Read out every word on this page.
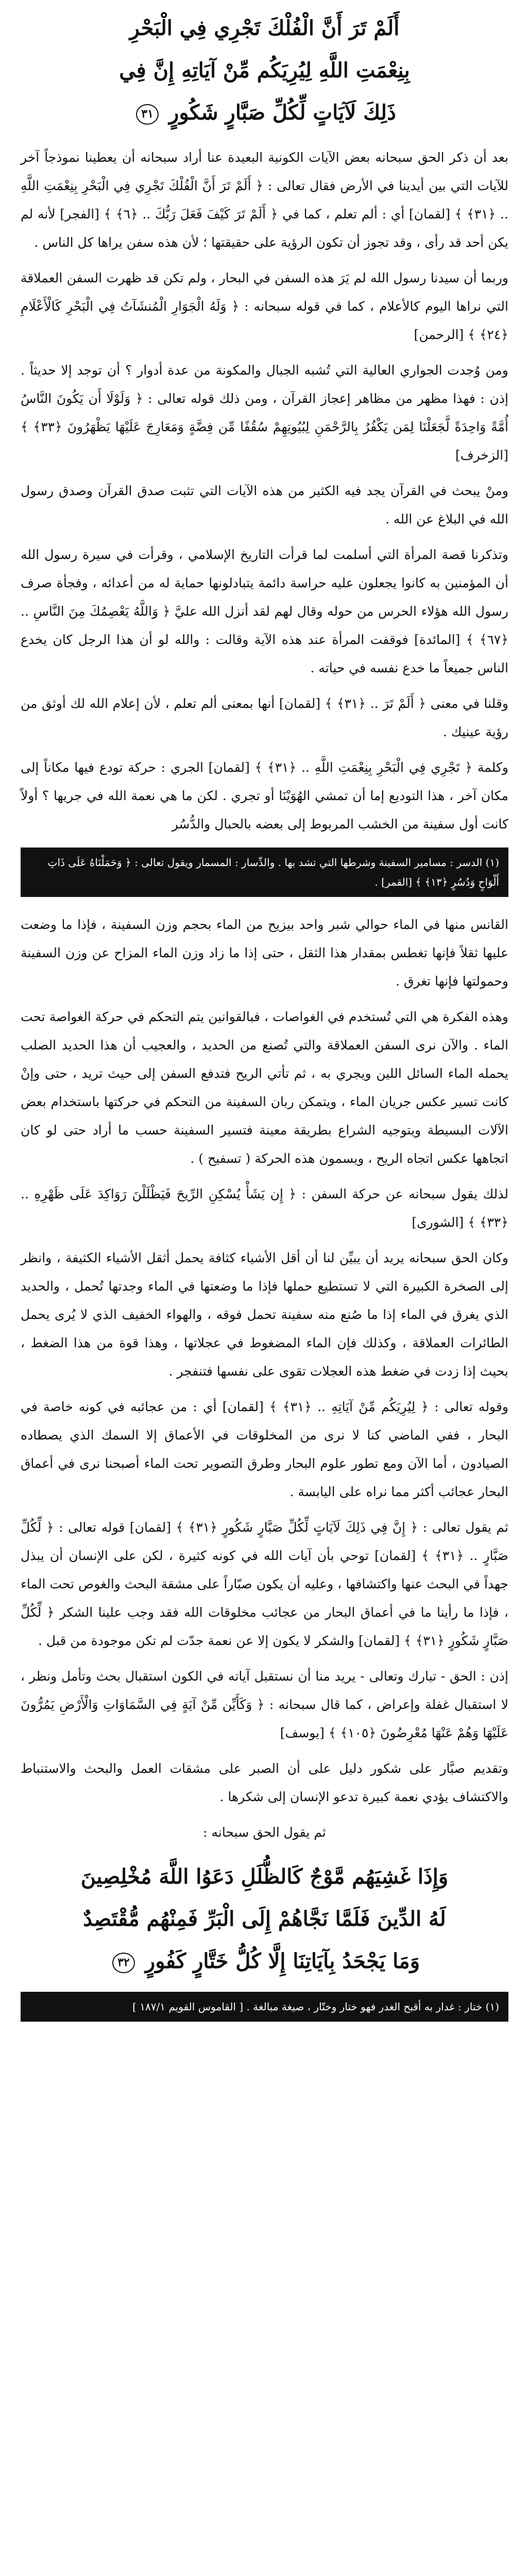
أَلَمْ تَرَ أَنَّ الْفُلْكَ تَجْرِي فِي الْبَحْرِ
بِنِعْمَتِ اللَّهِ لِيُرِيَكُم مِّنْ آيَاتِهِ إِنَّ فِي
ذَلِكَ لَآيَاتٍ لِّكُلِّ صَبَّارٍ شَكُورٍ ٣١

بعد أن ذكر الحق سبحانه بعض الآيات الكونية البعيدة عنا أراد سبحانه أن يعطينا نموذجاً آخر للآيات التي بين أيدينا في الأرض فقال تعالى : ﴿ أَلَمْ تَرَ أَنَّ الْفُلْكَ تَجْرِي فِي الْبَحْرِ بِنِعْمَتِ اللَّهِ .. ﴿٣١﴾ ﴾ [لقمان] أي : ألم تعلم ، كما في ﴿ أَلَمْ تَرَ كَيْفَ فَعَلَ رَبُّكَ .. ﴿٦﴾ ﴾ [الفجر] لأنه لم يكن أحد قد رأى ، وقد تجوز أن تكون الرؤية على حقيقتها ؛ لأن هذه سفن يراها كل الناس .

وربما أن سيدنا رسول الله لم يَرَ هذه السفن في البحار ، ولم تكن قد ظهرت السفن العملاقة التي نراها اليوم كالأعلام ، كما في قوله سبحانه : ﴿ وَلَهُ الْجَوَارِ الْمُنشَآتُ فِي الْبَحْرِ كَالْأَعْلَامِ ﴿٢٤﴾ ﴾ [الرحمن]

ومن وُجدت الجواري العالية التي تُشبه الجبال والمكونة من عدة أدوار ؟ أن توجد إلا حديثاً . إذن : فهذا مظهر من مظاهر إعجاز القرآن ، ومن ذلك قوله تعالى : ﴿ وَلَوْلَا أَن يَكُونَ النَّاسُ أُمَّةً وَاحِدَةً لَّجَعَلْنَا لِمَن يَكْفُرُ بِالرَّحْمَنِ لِبُيُوتِهِمْ سُقُفًا مِّن فِضَّةٍ وَمَعَارِجَ عَلَيْهَا يَظْهَرُونَ ﴿٣٣﴾ ﴾ [الزخرف]

ومنْ يبحث في القرآن يجد فيه الكثير من هذه الآيات التي تثبت صدق القرآن وصدق رسول الله في البلاغ عن الله .

وتذكرنا قصة المرأة التي أسلمت لما قرأت التاريخ الإسلامي ، وقرأت في سيرة رسول الله أن المؤمنين به كانوا يجعلون عليه حراسة دائمة يتبادلونها حماية له من أعدائه ، وفجأة صرف رسول الله هؤلاء الحرس من حوله وقال لهم لقد أنزل الله عليَّ ﴿ وَاللَّهُ يَعْصِمُكَ مِنَ النَّاسِ .. ﴿٦٧﴾ ﴾ [المائدة] فوقفت المرأة عند هذه الآية وقالت : والله لو أن هذا الرجل كان يخدع الناس جميعاً ما خدع نفسه في حياته .

وقلنا في معنى ﴿ أَلَمْ تَرَ .. ﴿٣١﴾ ﴾ [لقمان] أنها بمعنى ألم تعلم ، لأن إعلام الله لك أوثق من رؤية عينيك .

وكلمة ﴿ تَجْرِي فِي الْبَحْرِ بِنِعْمَتِ اللَّهِ .. ﴿٣١﴾ ﴾ [لقمان] الجري : حركة تودع فيها مكاناً إلى مكان آخر ، هذا التوديع إما أن تمشي الهُوَيْنَا أو تجري . لكن ما هي نعمة الله في جريها ؟ أولاً كانت أول سفينة من الخشب المربوط إلى بعضه بالحبال والدُّسُر

(١) الدسر : مسامير السفينة وشرطها التي تشد بها . والدِّسار : المسمار ويقول تعالى : ﴿ وَحَمَلْنَاهُ عَلَى ذَاتِ أَلْوَاحٍ وَدُسُرٍ ﴿١٣﴾ ﴾ [القمر] .

القانس منها في الماء حوالي شبر واحد بيزيح من الماء بحجم وزن السفينة ، فإذا ما وضعت عليها ثقلاً فإنها تغطس بمقدار هذا الثقل ، حتى إذا ما زاد وزن الماء المزاح عن وزن السفينة وحمولتها فإنها تغرق .

وهذه الفكرة هي التي تُستخدم في الغواصات ، فبالقوانين يتم التحكم في حركة الغواصة تحت الماء . والآن نرى السفن العملاقة والتي تُصنع من الحديد ، والعجيب أن هذا الحديد الصلب يحمله الماء السائل اللين ويجري به ، ثم تأتي الريح فتدفع السفن إلى حيث تريد ، حتى وإنْ كانت تسير عكس جريان الماء ، ويتمكن ربان السفينة من التحكم في حركتها باستخدام بعض الآلات البسيطة ويتوجيه الشراع بطريقة معينة فتسير السفينة حسب ما أراد حتى لو كان اتجاهها عكس اتجاه الريح ، ويسمون هذه الحركة ( تسفيح ) .

لذلك يقول سبحانه عن حركة السفن : ﴿ إِن يَشَأْ يُسْكِنِ الرِّيحَ فَيَظْلَلْنَ رَوَاكِدَ عَلَى ظَهْرِهِ .. ﴿٣٣﴾ ﴾ [الشورى]

وكان الحق سبحانه يريد أن يبيِّن لنا أن أقل الأشياء كثافة يحمل أثقل الأشياء الكثيفة ، وانظر إلى الصخرة الكبيرة التي لا تستطيع حملها فإذا ما وضعتها في الماء وجدتها تُحمل ، والحديد الذي يغرق في الماء إذا ما صُنع منه سفينة تحمل فوقه ، والهواء الخفيف الذي لا يُرى يحمل الطائرات العملاقة ، وكذلك فإن الماء المضغوط في عجلاتها ، وهذا قوة من هذا الضغط ، بحيث إذا زدت في ضغط هذه العجلات تقوى على نفسها فتنفجر .

وقوله تعالى : ﴿ لِيُرِيَكُم مِّنْ آيَاتِهِ .. ﴿٣١﴾ ﴾ [لقمان] أي : من عجائبه في كونه خاصة في البحار ، ففي الماضي كنا لا نرى من المخلوقات في الأعماق إلا السمك الذي يصطاده الصيادون ، أما الآن ومع تطور علوم البحار وطرق التصوير تحت الماء أصبحنا نرى في أعماق البحار عجائب أكثر مما نراه على اليابسة .

ثم يقول تعالى : ﴿ إِنَّ فِي ذَلِكَ لَآيَاتٍ لِّكُلِّ صَبَّارٍ شَكُورٍ ﴿٣١﴾ ﴾ [لقمان] قوله تعالى : ﴿ لِّكُلِّ صَبَّارٍ .. ﴿٣١﴾ ﴾ [لقمان] توحي بأن آيات الله في كونه كثيرة ، لكن على الإنسان أن يبذل جهداً في البحث عنها واكتشافها ، وعليه أن يكون صبّاراً على مشقة البحث والغوص تحت الماء ، فإذا ما رأينا ما في أعماق البحار من عجائب مخلوقات الله فقد وجب علينا الشكر ﴿ لِّكُلِّ صَبَّارٍ شَكُورٍ ﴿٣١﴾ ﴾ [لقمان] والشكر لا يكون إلا عن نعمة جدّت لم تكن موجودة من قبل .

إذن : الحق - تبارك وتعالى - يريد منا أن نستقبل آياته في الكون استقبال بحث وتأمل ونظر ، لا استقبال غفلة وإعراض ، كما قال سبحانه : ﴿ وَكَأَيِّن مِّنْ آيَةٍ فِي السَّمَاوَاتِ وَالْأَرْضِ يَمُرُّونَ عَلَيْهَا وَهُمْ عَنْهَا مُعْرِضُونَ ﴿١٠٥﴾ ﴾ [يوسف]

وتقديم صبَّار على شكور دليل على أن الصبر على مشقات العمل والبحث والاستنباط والاكتشاف يؤدي نعمة كبيرة تدعو الإنسان إلى شكرها .

ثم يقول الحق سبحانه :
وَإِذَا غَشِيَهُم مَّوْجٌ كَالظُّلَلِ دَعَوُا اللَّهَ مُخْلِصِينَ
لَهُ الدِّينَ فَلَمَّا نَجَّاهُمْ إِلَى الْبَرِّ فَمِنْهُم مُّقْتَصِدٌ
وَمَا يَجْحَدُ بِآيَاتِنَا إِلَّا كُلُّ خَتَّارٍ كَفُورٍ ٣٢
(١) ختار : غدار به أقبح الغدر فهو ختار وختّار ، صيغة مبالغة . [ القاموس القويم ١٨٧/١ ]
